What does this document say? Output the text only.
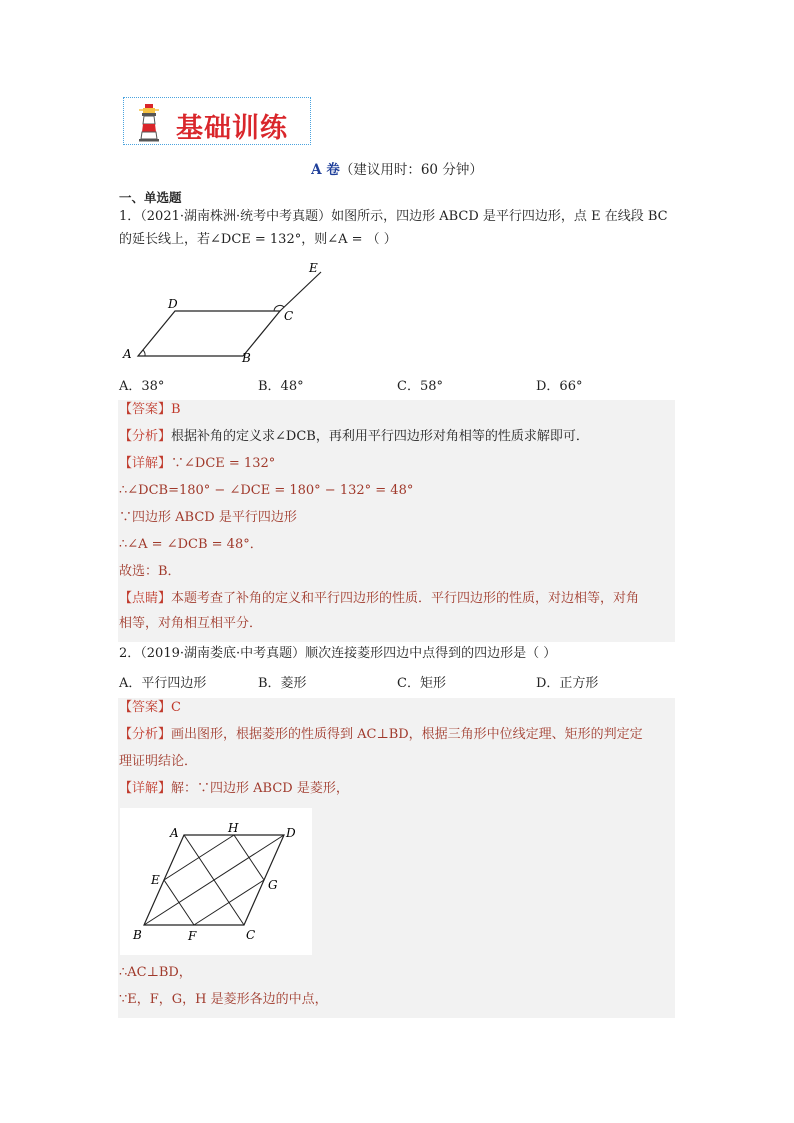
基础训练
A 卷（建议用时：60 分钟）
一、单选题
1．（2021·湖南株洲·统考中考真题）如图所示，四边形 ABCD 是平行四边形，点 E 在线段 BC
的延长线上，若∠DCE = 132°，则∠A = （ ）
D
C
E
A	B
A．38°	B．48°	C．58°	D．66°
【答案】B
【分析】根据补角的定义求∠DCB，再利用平行四边形对角相等的性质求解即可．
【详解】∵∠DCE = 132°
∴∠DCB=180° − ∠DCE = 180° − 132° = 48°
∵四边形 ABCD 是平行四边形
∴∠A = ∠DCB = 48°．
故选：B．
【点睛】本题考查了补角的定义和平行四边形的性质．平行四边形的性质，对边相等，对角
相等，对角相互相平分．
2．（2019·湖南娄底·中考真题）顺次连接菱形四边中点得到的四边形是（ ）
A．平行四边形	B．菱形	C．矩形	D．正方形
【答案】C
【分析】画出图形，根据菱形的性质得到 AC⊥BD，根据三角形中位线定理、矩形的判定定
理证明结论．
【详解】解：∵四边形 ABCD 是菱形，
A	H	D
E	G
B	F	C
∴AC⊥BD，
∵E，F，G，H 是菱形各边的中点，
